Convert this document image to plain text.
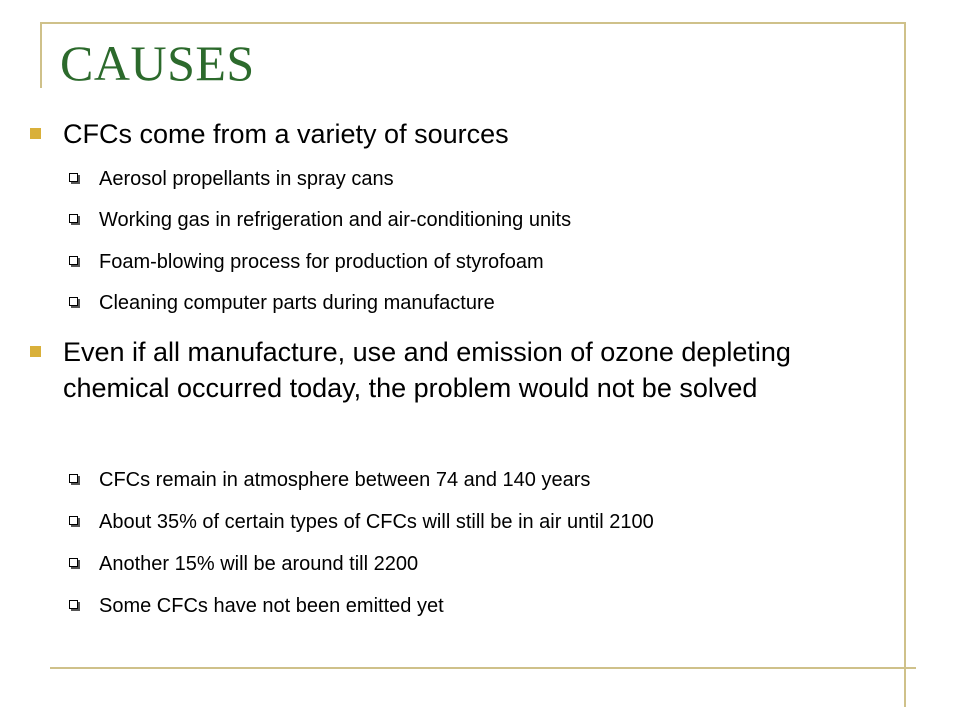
CAUSES
CFCs come from a variety of sources
Aerosol propellants in spray cans
Working gas in refrigeration and air-conditioning units
Foam-blowing process for production of styrofoam
Cleaning computer parts during manufacture
Even if all manufacture, use and emission of ozone depleting chemical occurred today, the problem would not be solved
CFCs remain in atmosphere between 74 and 140 years
About 35% of certain types of CFCs will still be in air until 2100
Another 15% will be around till 2200
Some CFCs have not been emitted yet
